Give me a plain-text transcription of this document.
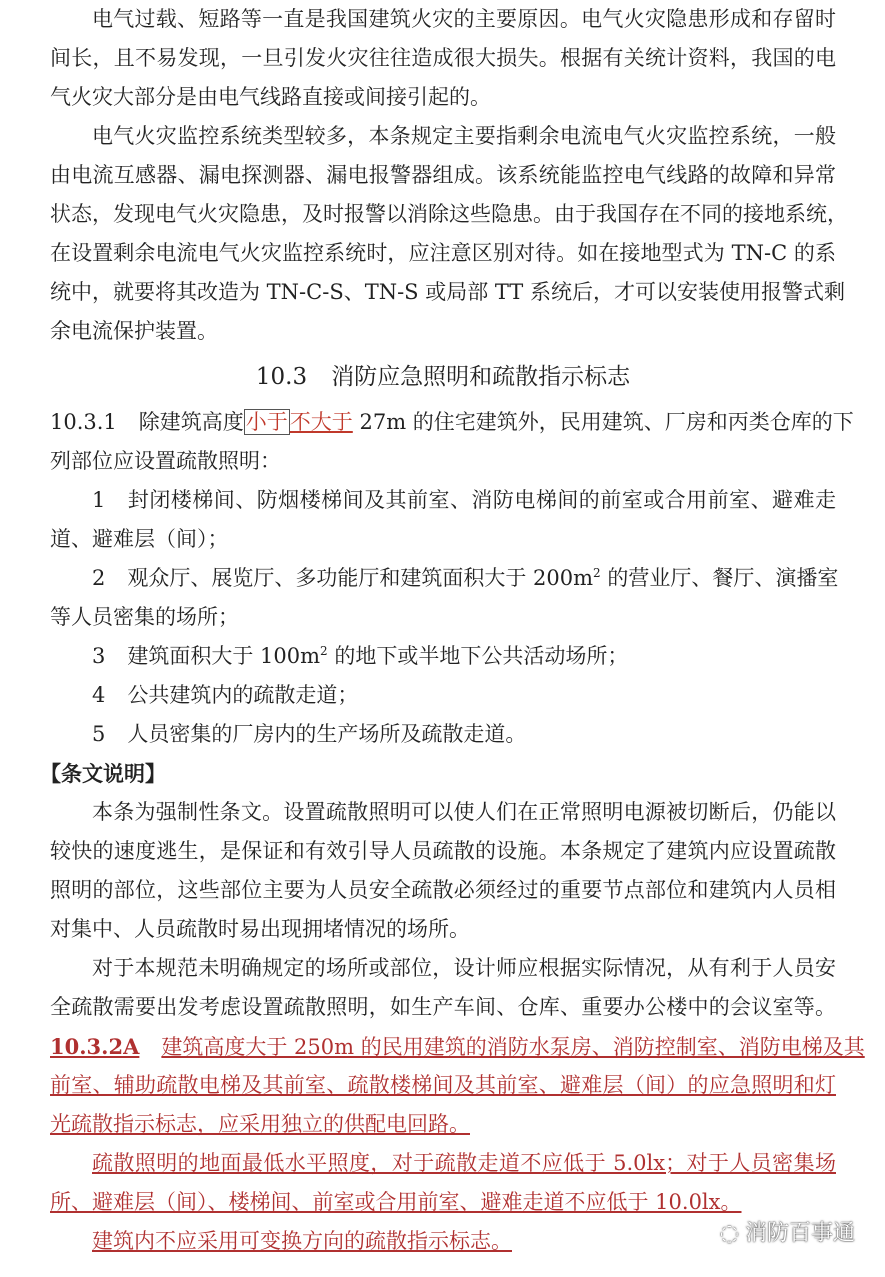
电气过载、短路等一直是我国建筑火灾的主要原因。电气火灾隐患形成和存留时
间长，且不易发现，一旦引发火灾往往造成很大损失。根据有关统计资料，我国的电
气火灾大部分是由电气线路直接或间接引起的。
电气火灾监控系统类型较多，本条规定主要指剩余电流电气火灾监控系统，一般
由电流互感器、漏电探测器、漏电报警器组成。该系统能监控电气线路的故障和异常
状态，发现电气火灾隐患，及时报警以消除这些隐患。由于我国存在不同的接地系统，
在设置剩余电流电气火灾监控系统时，应注意区别对待。如在接地型式为 TN-C 的系
统中，就要将其改造为 TN-C-S、TN-S 或局部 TT 系统后，才可以安装使用报警式剩
余电流保护装置。
10.3 消防应急照明和疏散指示标志
10.3.1 除建筑高度小于不大于 27m 的住宅建筑外，民用建筑、厂房和丙类仓库的下
列部位应设置疏散照明：
1 封闭楼梯间、防烟楼梯间及其前室、消防电梯间的前室或合用前室、避难走
道、避难层（间）；
2 观众厅、展览厅、多功能厅和建筑面积大于 $200m^2$ 的营业厅、餐厅、演播室
等人员密集的场所；
3 建筑面积大于 $100m^2$ 的地下或半地下公共活动场所；
4 公共建筑内的疏散走道；
5 人员密集的厂房内的生产场所及疏散走道。
【条文说明】
本条为强制性条文。设置疏散照明可以使人们在正常照明电源被切断后，仍能以
较快的速度逃生，是保证和有效引导人员疏散的设施。本条规定了建筑内应设置疏散
照明的部位，这些部位主要为人员安全疏散必须经过的重要节点部位和建筑内人员相
对集中、人员疏散时易出现拥堵情况的场所。
对于本规范未明确规定的场所或部位，设计师应根据实际情况，从有利于人员安
全疏散需要出发考虑设置疏散照明，如生产车间、仓库、重要办公楼中的会议室等。
10.3.2A 建筑高度大于 250m 的民用建筑的消防水泵房、消防控制室、消防电梯及其
前室、辅助疏散电梯及其前室、疏散楼梯间及其前室、避难层（间）的应急照明和灯
光疏散指示标志，应采用独立的供配电回路。
疏散照明的地面最低水平照度，对于疏散走道不应低于 5.0lx；对于人员密集场
所、避难层（间）、楼梯间、前室或合用前室、避难走道不应低于 10.0lx。
建筑内不应采用可变换方向的疏散指示标志。	◌ 消防百事通
